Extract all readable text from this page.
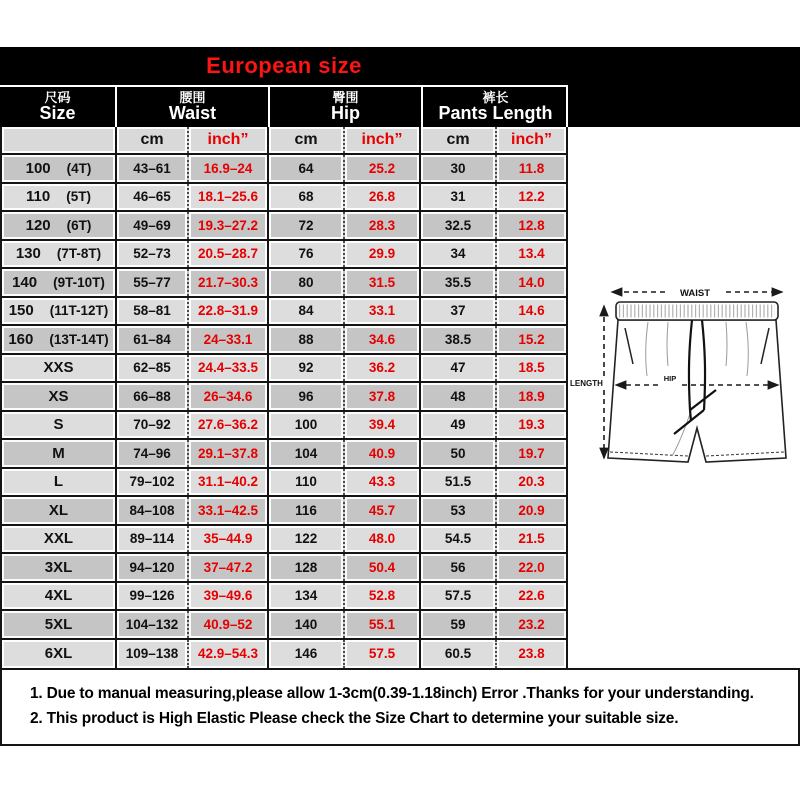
European size
尺码
Size
腰围
Waist
臀围
Hip
裤长
Pants Length
cm	inch”	cm	inch”	cm	inch”
100 (4T)	43–61	16.9–24	64	25.2	30	11.8
110 (5T)	46–65	18.1–25.6	68	26.8	31	12.2
120 (6T)	49–69	19.3–27.2	72	28.3	32.5	12.8
130 (7T-8T)	52–73	20.5–28.7	76	29.9	34	13.4
140 (9T-10T)	55–77	21.7–30.3	80	31.5	35.5	14.0
150 (11T-12T)	58–81	22.8–31.9	84	33.1	37	14.6
160 (13T-14T)	61–84	24–33.1	88	34.6	38.5	15.2
XXS	62–85	24.4–33.5	92	36.2	47	18.5
XS	66–88	26–34.6	96	37.8	48	18.9
S	70–92	27.6–36.2	100	39.4	49	19.3
M	74–96	29.1–37.8	104	40.9	50	19.7
L	79–102	31.1–40.2	110	43.3	51.5	20.3
XL	84–108	33.1–42.5	116	45.7	53	20.9
XXL	89–114	35–44.9	122	48.0	54.5	21.5
3XL	94–120	37–47.2	128	50.4	56	22.0
4XL	99–126	39–49.6	134	52.8	57.5	22.6
5XL	104–132	40.9–52	140	55.1	59	23.2
6XL	109–138	42.9–54.3	146	57.5	60.5	23.8
WAIST
HIP
LENGTH
1. Due to manual measuring,please allow 1-3cm(0.39-1.18inch) Error .Thanks for your understanding.
2. This product is High Elastic Please check the Size Chart to determine your suitable size.
